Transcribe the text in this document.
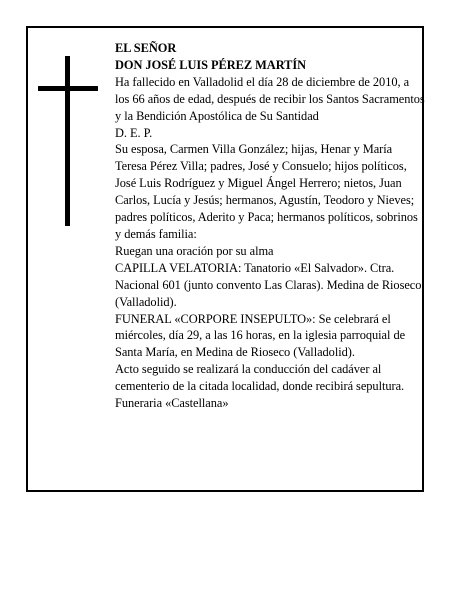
EL SEÑOR

DON JOSÉ LUIS PÉREZ MARTÍN

Ha fallecido en Valladolid el día 28 de diciembre de 2010, a los 66 años de edad, después de recibir los Santos Sacramentos y la Bendición Apostólica de Su Santidad

D. E. P.

Su esposa, Carmen Villa González; hijas, Henar y María Teresa Pérez Villa; padres, José y Consuelo; hijos políticos, José Luis Rodríguez y Miguel Ángel Herrero; nietos, Juan Carlos, Lucía y Jesús; hermanos, Agustín, Teodoro y Nieves; padres políticos, Aderito y Paca; hermanos políticos, sobrinos y demás familia:

Ruegan una oración por su alma

CAPILLA VELATORIA: Tanatorio «El Salvador». Ctra. Nacional 601 (junto convento Las Claras). Medina de Rioseco (Valladolid).

FUNERAL «CORPORE INSEPULTO»: Se celebrará el miércoles, día 29, a las 16 horas, en la iglesia parroquial de Santa María, en Medina de Rioseco (Valladolid).

Acto seguido se realizará la conducción del cadáver al cementerio de la citada localidad, donde recibirá sepultura.

Funeraria «Castellana»
